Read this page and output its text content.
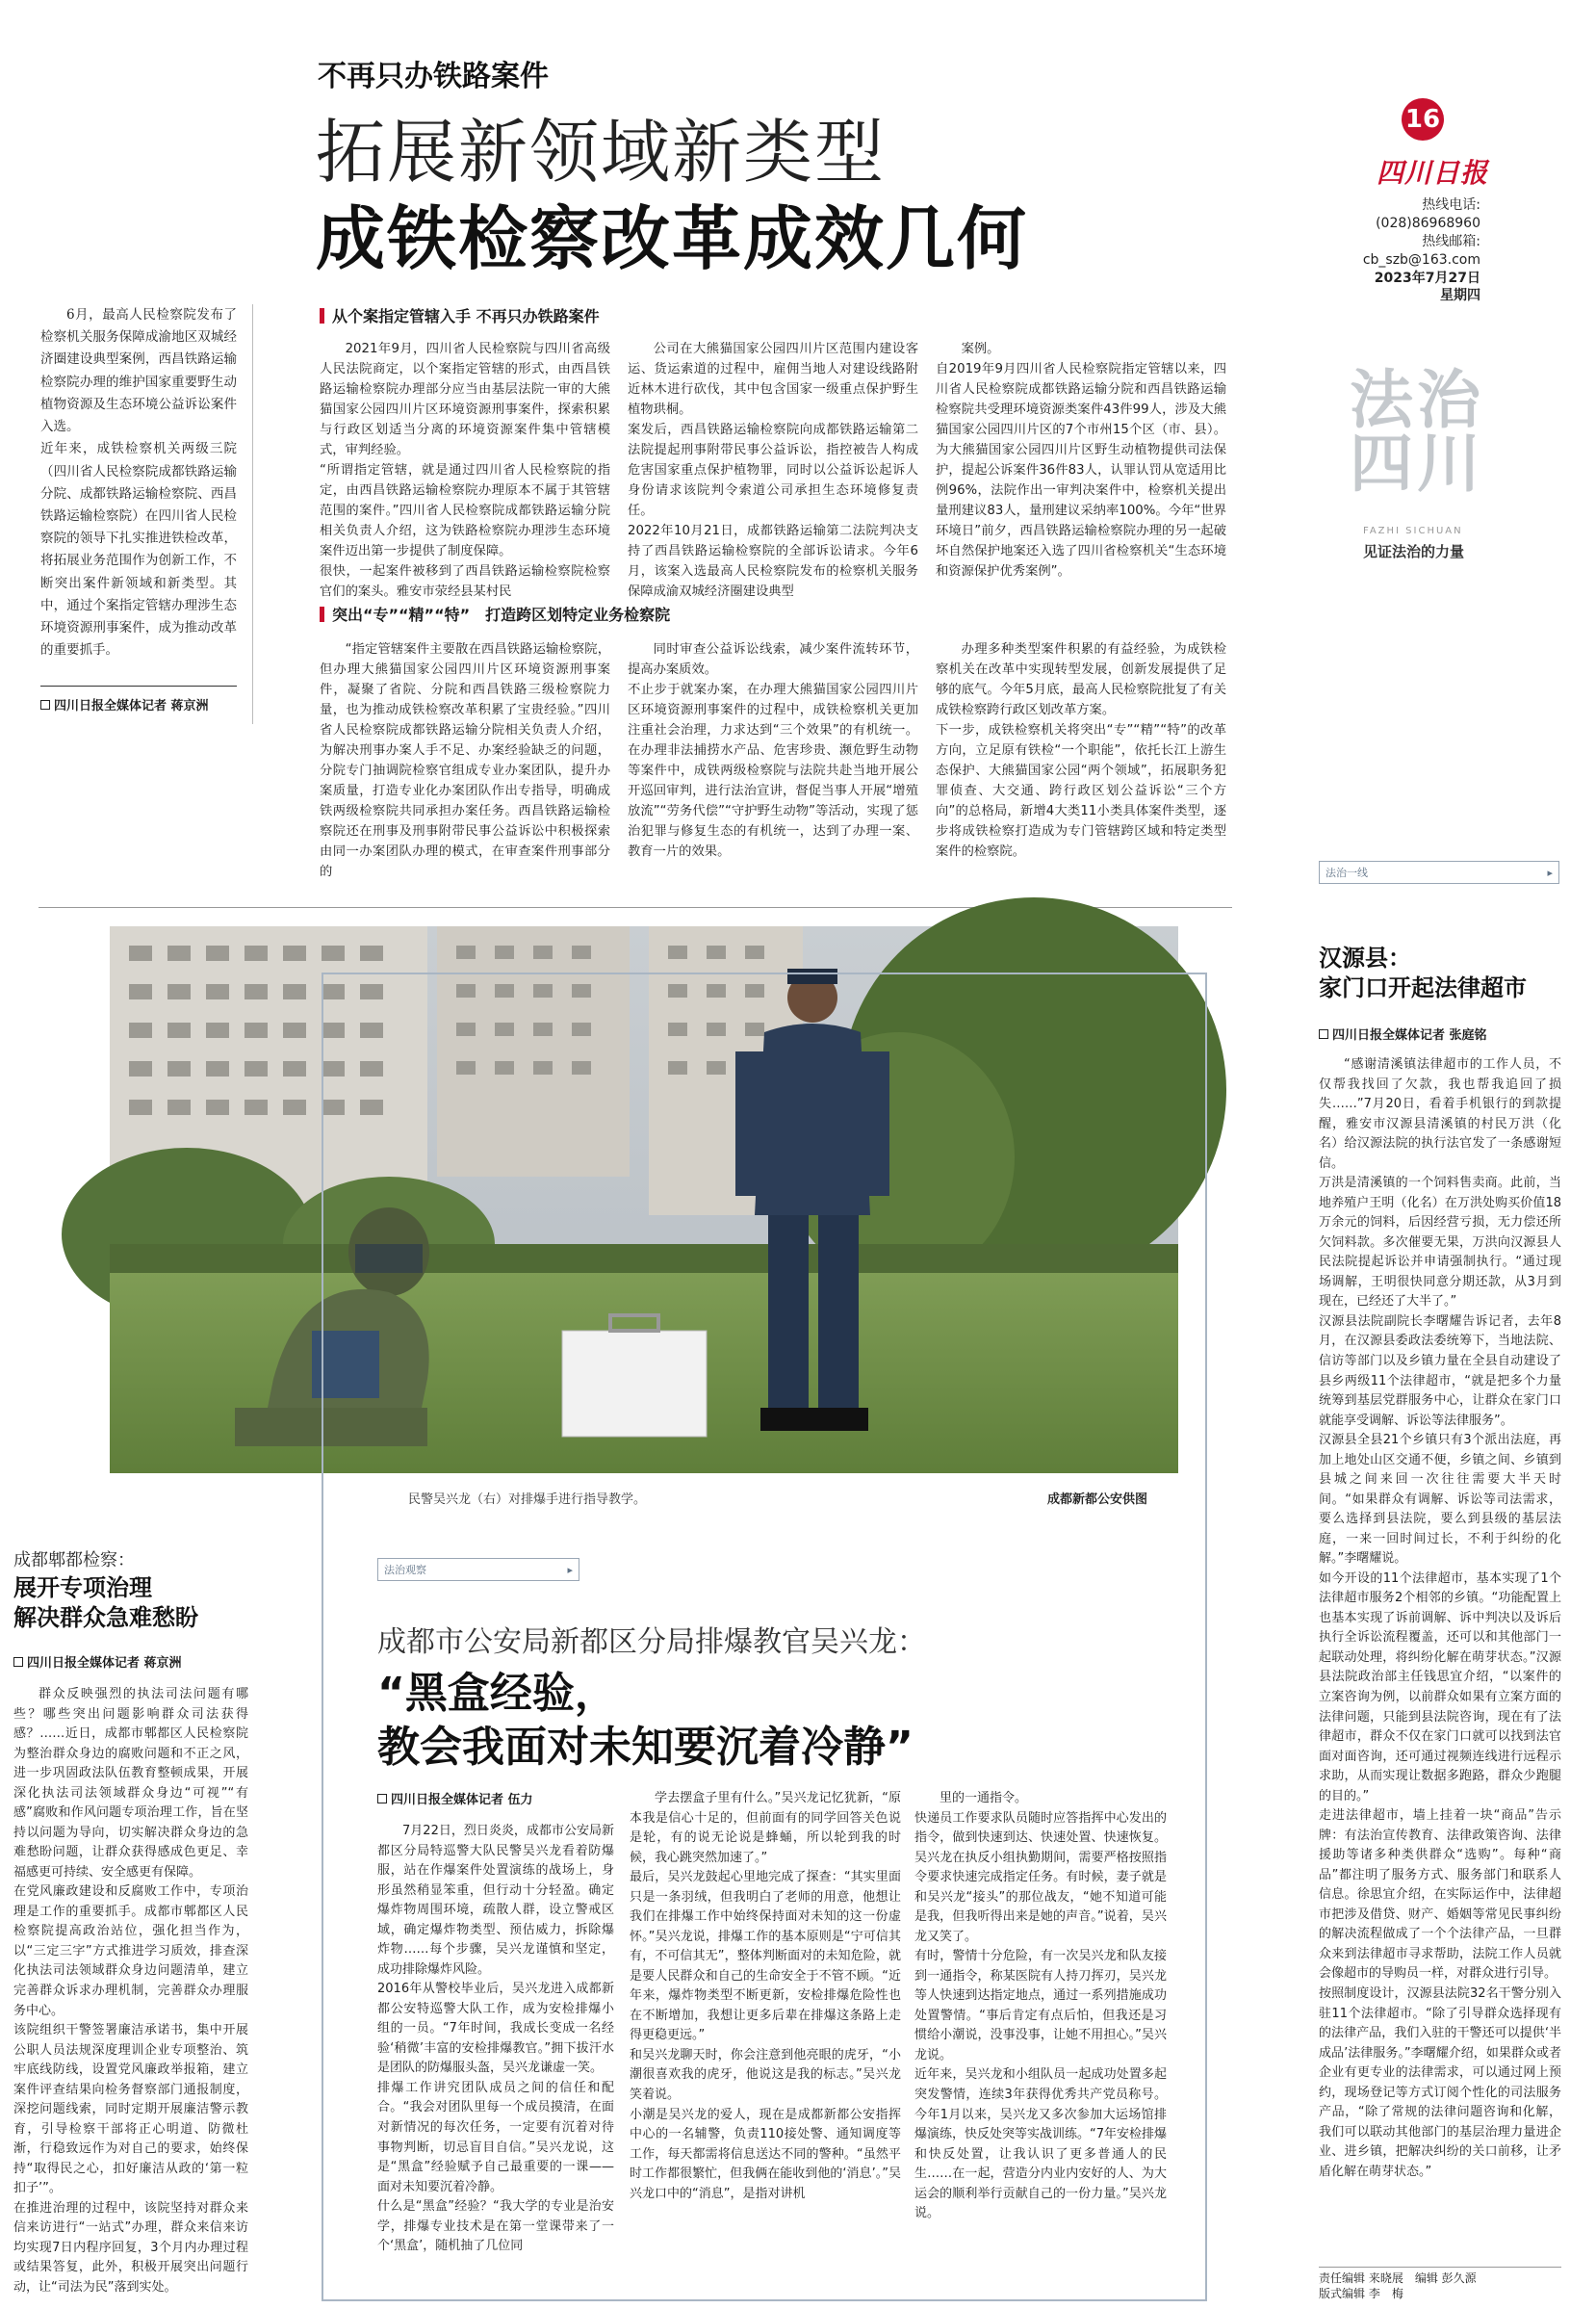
不再只办铁路案件
拓展新领域新类型
成铁检察改革成效几何
16
四川日报
热线电话:
(028)86968960
热线邮箱:
cb_szb@163.com
2023年7月27日
星期四
法治
四川
FAZHI SICHUAN
见证法治的力量
6月，最高人民检察院发布了检察机关服务保障成渝地区双城经济圈建设典型案例，西昌铁路运输检察院办理的维护国家重要野生动植物资源及生态环境公益诉讼案件入选。
近年来，成铁检察机关两级三院（四川省人民检察院成都铁路运输分院、成都铁路运输检察院、西昌铁路运输检察院）在四川省人民检察院的领导下扎实推进铁检改革，将拓展业务范围作为创新工作，不断突出案件新领域和新类型。其中，通过个案指定管辖办理涉生态环境资源刑事案件，成为推动改革的重要抓手。
四川日报全媒体记者 蒋京洲
从个案指定管辖入手 不再只办铁路案件
2021年9月，四川省人民检察院与四川省高级人民法院商定，以个案指定管辖的形式，由西昌铁路运输检察院办理部分应当由基层法院一审的大熊猫国家公园四川片区环境资源刑事案件，探索积累与行政区划适当分离的环境资源案件集中管辖模式，审判经验。
“所谓指定管辖，就是通过四川省人民检察院的指定，由西昌铁路运输检察院办理原本不属于其管辖范围的案件。”四川省人民检察院成都铁路运输分院相关负责人介绍，这为铁路检察院办理涉生态环境案件迈出第一步提供了制度保障。
很快，一起案件被移到了西昌铁路运输检察院检察官们的案头。雅安市荥经县某村民
公司在大熊猫国家公园四川片区范围内建设客运、货运索道的过程中，雇佣当地人对建设线路附近林木进行砍伐，其中包含国家一级重点保护野生植物珙桐。
案发后，西昌铁路运输检察院向成都铁路运输第二法院提起刑事附带民事公益诉讼，指控被告人构成危害国家重点保护植物罪，同时以公益诉讼起诉人身份请求该院判令索道公司承担生态环境修复责任。
2022年10月21日，成都铁路运输第二法院判决支持了西昌铁路运输检察院的全部诉讼请求。今年6月，该案入选最高人民检察院发布的检察机关服务保障成渝双城经济圈建设典型
案例。
自2019年9月四川省人民检察院指定管辖以来，四川省人民检察院成都铁路运输分院和西昌铁路运输检察院共受理环境资源类案件43件99人，涉及大熊猫国家公园四川片区的7个市州15个区（市、县）。为大熊猫国家公园四川片区野生动植物提供司法保护，提起公诉案件36件83人，认罪认罚从宽适用比例96%，法院作出一审判决案件中，检察机关提出量刑建议83人，量刑建议采纳率100%。今年“世界环境日”前夕，西昌铁路运输检察院办理的另一起破坏自然保护地案还入选了四川省检察机关“生态环境和资源保护优秀案例”。
突出“专”“精”“特”　打造跨区划特定业务检察院
“指定管辖案件主要散在西昌铁路运输检察院，但办理大熊猫国家公园四川片区环境资源刑事案件，凝聚了省院、分院和西昌铁路三级检察院力量，也为推动成铁检察改革积累了宝贵经验。”四川省人民检察院成都铁路运输分院相关负责人介绍，为解决刑事办案人手不足、办案经验缺乏的问题，分院专门抽调院检察官组成专业办案团队，提升办案质量，打造专业化办案团队作出专指导，明确成铁两级检察院共同承担办案任务。西昌铁路运输检察院还在刑事及刑事附带民事公益诉讼中积极探索由同一办案团队办理的模式，在审查案件刑事部分的
同时审查公益诉讼线索，减少案件流转环节，提高办案质效。
不止步于就案办案，在办理大熊猫国家公园四川片区环境资源刑事案件的过程中，成铁检察机关更加注重社会治理，力求达到“三个效果”的有机统一。在办理非法捕捞水产品、危害珍贵、濒危野生动物等案件中，成铁两级检察院与法院共赴当地开展公开巡回审判，进行法治宣讲，督促当事人开展“增殖放流”“劳务代偿”“守护野生动物”等活动，实现了惩治犯罪与修复生态的有机统一，达到了办理一案、教育一片的效果。
办理多种类型案件积累的有益经验，为成铁检察机关在改革中实现转型发展，创新发展提供了足够的底气。今年5月底，最高人民检察院批复了有关成铁检察跨行政区划改革方案。
下一步，成铁检察机关将突出“专”“精”“特”的改革方向，立足原有铁检“一个职能”，依托长江上游生态保护、大熊猫国家公园“两个领域”，拓展职务犯罪侦查、大交通、跨行政区划公益诉讼“三个方向”的总格局，新增4大类11小类具体案件类型，逐步将成铁检察打造成为专门管辖跨区域和特定类型案件的检察院。
民警吴兴龙（右）对排爆手进行指导教学。	成都新都公安供图
法治观察	▸
成都市公安局新都区分局排爆教官吴兴龙：
“黑盒经验，
教会我面对未知要沉着冷静”
四川日报全媒体记者 伍力
7月22日，烈日炎炎，成都市公安局新都区分局特巡警大队民警吴兴龙看着防爆服，站在作爆案件处置演练的战场上，身形虽然稍显笨重，但行动十分轻盈。确定爆炸物周围环境，疏散人群，设立警戒区域，确定爆炸物类型、预估威力，拆除爆炸物……每个步骤，吴兴龙谨慎和坚定，成功排除爆炸风险。
2016年从警校毕业后，吴兴龙进入成都新都公安特巡警大队工作，成为安检排爆小组的一员。“7年时间，我成长变成一名经验‘稍微’丰富的安检排爆教官。”拥下拔汗水是团队的防爆服头盔，吴兴龙谦虚一笑。
排爆工作讲究团队成员之间的信任和配合。“我会对团队里每一个成员摸清，在面对新情况的每次任务，一定要有沉着对待事物判断，切忌盲目自信。”吴兴龙说，这是“黑盒”经验赋予自己最重要的一课——面对未知要沉着冷静。
什么是“黑盒”经验？“我大学的专业是治安学，排爆专业技术是在第一堂课带来了一个‘黑盒’，随机抽了几位同
学去摆盒子里有什么。”吴兴龙记忆犹新，“原本我是信心十足的，但前面有的同学回答关色说是轮，有的说无论说是蜂蛹，所以轮到我的时候，我心跳突然加速了。”
最后，吴兴龙鼓起心里地完成了探查：“其实里面只是一条羽绒，但我明白了老师的用意，他想让我们在排爆工作中始终保持面对未知的这一份虚怀。”吴兴龙说，排爆工作的基本原则是“宁可信其有，不可信其无”，整体判断面对的未知危险，就是要人民群众和自己的生命安全于不管不顾。“近年来，爆炸物类型不断更新，安检排爆危险性也在不断增加，我想让更多后辈在排爆这条路上走得更稳更远。”
和吴兴龙聊天时，你会注意到他亮眼的虎牙，“小潮很喜欢我的虎牙，他说这是我的标志。”吴兴龙笑着说。
小潮是吴兴龙的爱人，现在是成都新都公安指挥中心的一名辅警，负责110接处警、通知调度等工作，每天都需将信息送达不同的警种。“虽然平时工作都很繁忙，但我俩在能收到他的‘消息’。”吴兴龙口中的“消息”，是指对讲机
里的一通指令。
快递员工作要求队员随时应答指挥中心发出的指令，做到快速到达、快速处置、快速恢复。吴兴龙在执反小组执勤期间，需要严格按照指令要求快速完成指定任务。有时候，妻子就是和吴兴龙“接头”的那位战友，“她不知道可能是我，但我听得出来是她的声音。”说着，吴兴龙又笑了。
有时，警情十分危险，有一次吴兴龙和队友接到一通指令，称某医院有人持刀挥刃，吴兴龙等人快速到达指定地点，通过一系列措施成功处置警情。“事后肯定有点后怕，但我还是习惯给小潮说，没事没事，让她不用担心。”吴兴龙说。
近年来，吴兴龙和小组队员一起成功处置多起突发警情，连续3年获得优秀共产党员称号。今年1月以来，吴兴龙又多次参加大运场馆排爆演练，快反处突等实战训练。“7年安检排爆和快反处置，让我认识了更多普通人的民生……在一起，营造分内业内安好的人、为大运会的顺利举行贡献自己的一份力量。”吴兴龙说。
成都郫都检察：
展开专项治理
解决群众急难愁盼
四川日报全媒体记者 蒋京洲
群众反映强烈的执法司法问题有哪些？哪些突出问题影响群众司法获得感？……近日，成都市郫都区人民检察院为整治群众身边的腐败问题和不正之风，进一步巩固政法队伍教育整顿成果，开展深化执法司法领域群众身边“可视”“有感”腐败和作风问题专项治理工作，旨在坚持以问题为导向，切实解决群众身边的急难愁盼问题，让群众获得感成色更足、幸福感更可持续、安全感更有保障。
在党风廉政建设和反腐败工作中，专项治理是工作的重要抓手。成都市郫都区人民检察院提高政治站位，强化担当作为，以“三定三字”方式推进学习质效，排查深化执法司法领域群众身边问题清单，建立完善群众诉求办理机制，完善群众办理服务中心。
该院组织干警签署廉洁承诺书，集中开展公职人员法规深度理训企业专项整治、筑牢底线防线，设置党风廉政举报箱，建立案件评查结果向检务督察部门通报制度，深挖问题线索，同时定期开展廉洁警示教育，引导检察干部将正心明道、防微杜渐，行稳致远作为对自己的要求，始终保持“取得民之心，扣好廉洁从政的‘第一粒扣子’”。
在推进治理的过程中，该院坚持对群众来信来访进行“一站式”办理，群众来信来访均实现7日内程序回复，3个月内办理过程或结果答复，此外，积极开展突出问题行动，让“司法为民”落到实处。
法治一线	▸
汉源县：
家门口开起法律超市
四川日报全媒体记者 张庭铭
“感谢清溪镇法律超市的工作人员，不仅帮我找回了欠款，我也帮我追回了损失……”7月20日，看着手机银行的到款提醒，雅安市汉源县清溪镇的村民万洪（化名）给汉源法院的执行法官发了一条感谢短信。
万洪是清溪镇的一个饲料售卖商。此前，当地养殖户王明（化名）在万洪处购买价值18万余元的饲料，后因经营亏损，无力偿还所欠饲料款。多次催要无果，万洪向汉源县人民法院提起诉讼并申请强制执行。“通过现场调解，王明很快同意分期还款，从3月到现在，已经还了大半了。”
汉源县法院副院长李曙耀告诉记者，去年8月，在汉源县委政法委统筹下，当地法院、信访等部门以及乡镇力量在全县自动建设了县乡两级11个法律超市，“就是把多个力量统筹到基层党群服务中心，让群众在家门口就能享受调解、诉讼等法律服务”。
汉源县全县21个乡镇只有3个派出法庭，再加上地处山区交通不便，乡镇之间、乡镇到县城之间来回一次往往需要大半天时间。“如果群众有调解、诉讼等司法需求，要么选择到县法院，要么到县级的基层法庭，一来一回时间过长，不利于纠纷的化解。”李曙耀说。
如今开设的11个法律超市，基本实现了1个法律超市服务2个相邻的乡镇。“功能配置上也基本实现了诉前调解、诉中判决以及诉后执行全诉讼流程覆盖，还可以和其他部门一起联动处理，将纠纷化解在萌芽状态。”汉源县法院政治部主任钱思宜介绍，“以案件的立案咨询为例，以前群众如果有立案方面的法律问题，只能到县法院咨询，现在有了法律超市，群众不仅在家门口就可以找到法官面对面咨询，还可通过视频连线进行远程示求助，从而实现让数据多跑路，群众少跑腿的目的。”
走进法律超市，墙上挂着一块“商品”告示牌：有法治宣传教育、法律政策咨询、法律援助等诸多种类供群众“选购”。每种“商品”都注明了服务方式、服务部门和联系人信息。徐思宜介绍，在实际运作中，法律超市把涉及借贷、财产、婚姻等常见民事纠纷的解决流程做成了一个个法律产品，一旦群众来到法律超市寻求帮助，法院工作人员就会像超市的导购员一样，对群众进行引导。
按照制度设计，汉源县法院32名干警分别入驻11个法律超市。“除了引导群众选择现有的法律产品，我们入驻的干警还可以提供‘半成品’法律服务。”李曙耀介绍，如果群众或者企业有更专业的法律需求，可以通过网上预约，现场登记等方式订阅个性化的司法服务产品，“除了常规的法律问题咨询和化解，我们可以联动其他部门的基层治理力量进企业、进乡镇，把解决纠纷的关口前移，让矛盾化解在萌芽状态。”
责任编辑 来晓展　编辑 彭久源
版式编辑 李　梅
